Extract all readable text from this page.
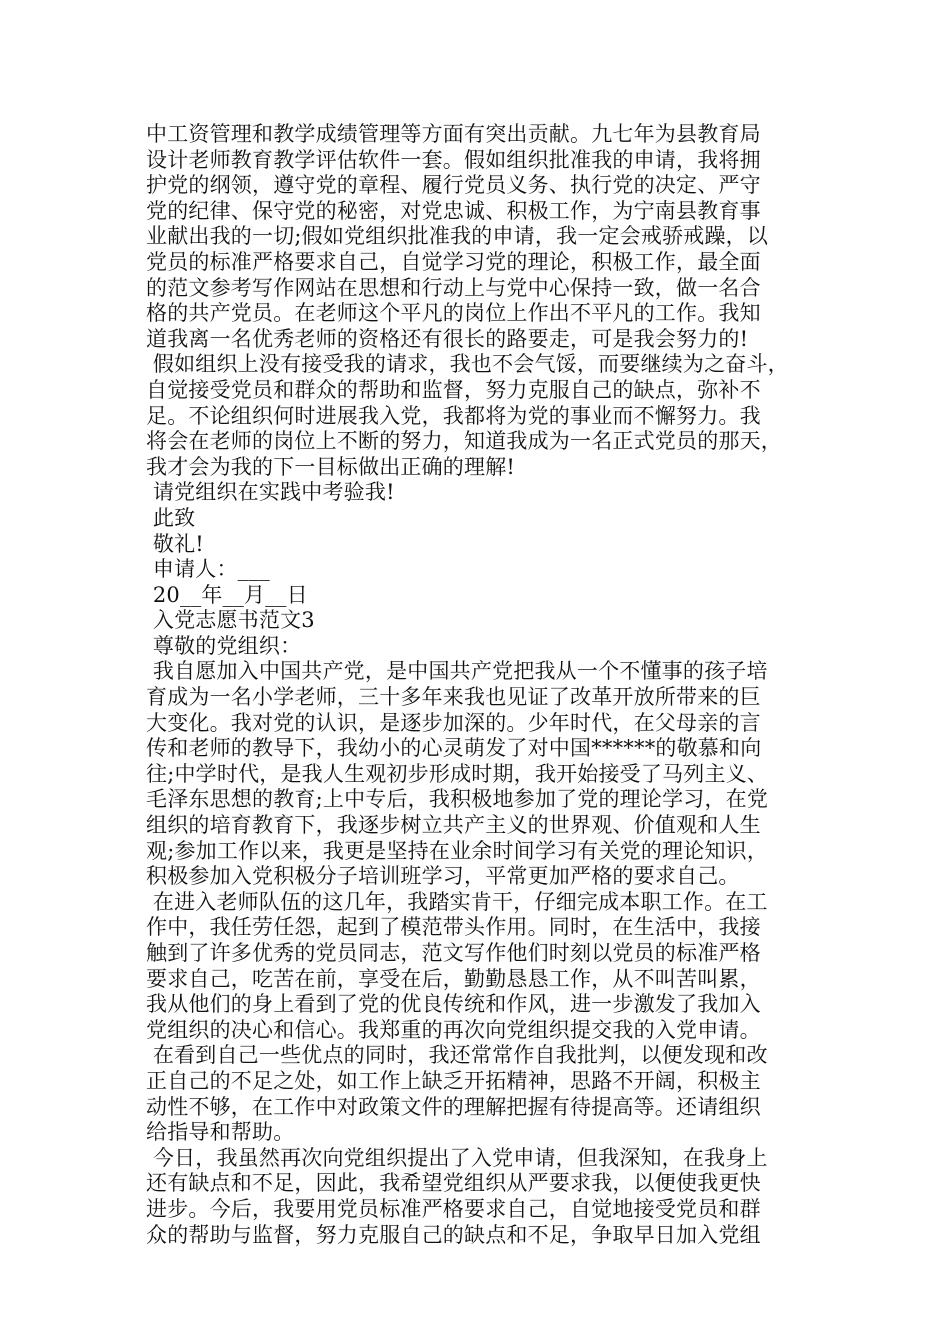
中工资管理和教学成绩管理等方面有突出贡献。九七年为县教育局
设计老师教育教学评估软件一套。假如组织批准我的申请，我将拥
护党的纲领，遵守党的章程、履行党员义务、执行党的决定、严守
党的纪律、保守党的秘密，对党忠诚、积极工作，为宁南县教育事
业献出我的一切;假如党组织批准我的申请，我一定会戒骄戒躁，以
党员的标准严格要求自己，自觉学习党的理论，积极工作，最全面
的范文参考写作网站在思想和行动上与党中心保持一致，做一名合
格的共产党员。在老师这个平凡的岗位上作出不平凡的工作。我知
道我离一名优秀老师的资格还有很长的路要走，可是我会努力的!
假如组织上没有接受我的请求，我也不会气馁，而要继续为之奋斗，
自觉接受党员和群众的帮助和监督，努力克服自己的缺点，弥补不
足。不论组织何时进展我入党，我都将为党的事业而不懈努力。我
将会在老师的岗位上不断的努力，知道我成为一名正式党员的那天，
我才会为我的下一目标做出正确的理解!
请党组织在实践中考验我!
此致
敬礼!
申请人：___
20__年__月__日
入党志愿书范文3
尊敬的党组织：
我自愿加入中国共产党，是中国共产党把我从一个不懂事的孩子培
育成为一名小学老师，三十多年来我也见证了改革开放所带来的巨
大变化。我对党的认识，是逐步加深的。少年时代，在父母亲的言
传和老师的教导下，我幼小的心灵萌发了对中国******的敬慕和向
往;中学时代，是我人生观初步形成时期，我开始接受了马列主义、
毛泽东思想的教育;上中专后，我积极地参加了党的理论学习，在党
组织的培育教育下，我逐步树立共产主义的世界观、价值观和人生
观;参加工作以来，我更是坚持在业余时间学习有关党的理论知识，
积极参加入党积极分子培训班学习，平常更加严格的要求自己。
在进入老师队伍的这几年，我踏实肯干，仔细完成本职工作。在工
作中，我任劳任怨，起到了模范带头作用。同时，在生活中，我接
触到了许多优秀的党员同志，范文写作他们时刻以党员的标准严格
要求自己，吃苦在前，享受在后，勤勤恳恳工作，从不叫苦叫累，
我从他们的身上看到了党的优良传统和作风，进一步激发了我加入
党组织的决心和信心。我郑重的再次向党组织提交我的入党申请。
在看到自己一些优点的同时，我还常常作自我批判，以便发现和改
正自己的不足之处，如工作上缺乏开拓精神，思路不开阔，积极主
动性不够，在工作中对政策文件的理解把握有待提高等。还请组织
给指导和帮助。
今日，我虽然再次向党组织提出了入党申请，但我深知，在我身上
还有缺点和不足，因此，我希望党组织从严要求我，以便使我更快
进步。今后，我要用党员标准严格要求自己，自觉地接受党员和群
众的帮助与监督，努力克服自己的缺点和不足，争取早日加入党组
